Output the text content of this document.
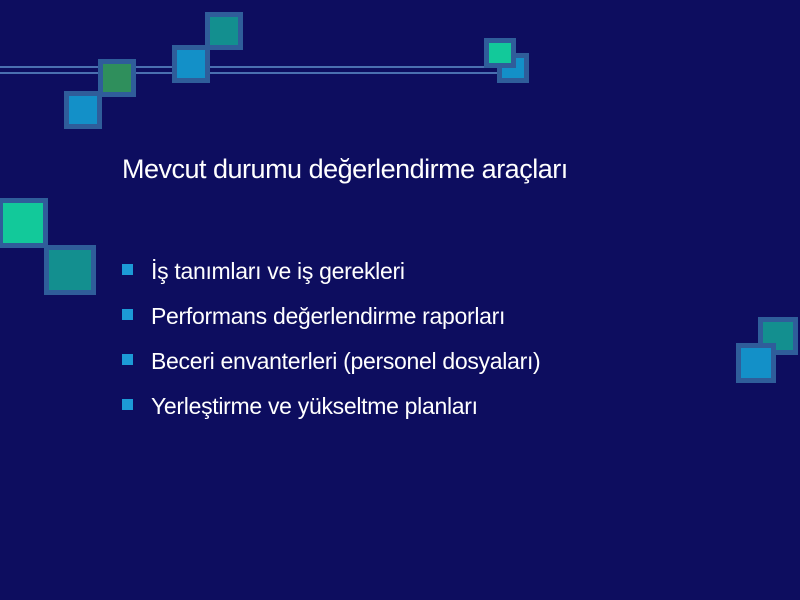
Mevcut durumu değerlendirme araçları
İş tanımları ve iş gerekleri
Performans değerlendirme raporları
Beceri envanterleri (personel dosyaları)
Yerleştirme ve yükseltme planları
